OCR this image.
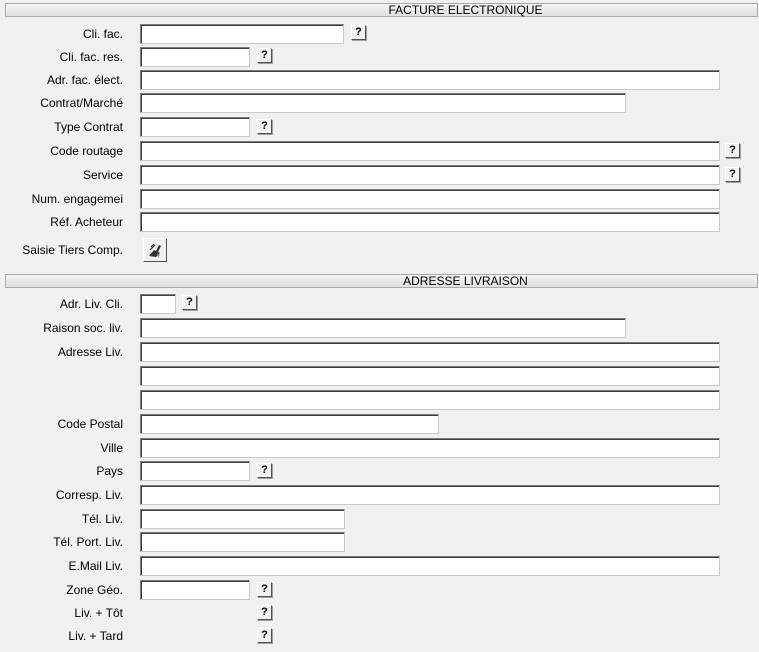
FACTURE ELECTRONIQUE
Cli. fac.	?
Cli. fac. res.	?
Adr. fac. élect.
Contrat/Marché
Type Contrat	?
Code routage	?
Service	?
Num. engagemei
Réf. Acheteur
Saisie Tiers Comp.
ADRESSE LIVRAISON
Adr. Liv. Cli.	?
Raison soc. liv.
Adresse Liv.
Code Postal
Ville
Pays	?
Corresp. Liv.
Tél. Liv.
Tél. Port. Liv.
E.Mail Liv.
Zone Géo.	?
Liv. + Tôt	?
Liv. + Tard	?
